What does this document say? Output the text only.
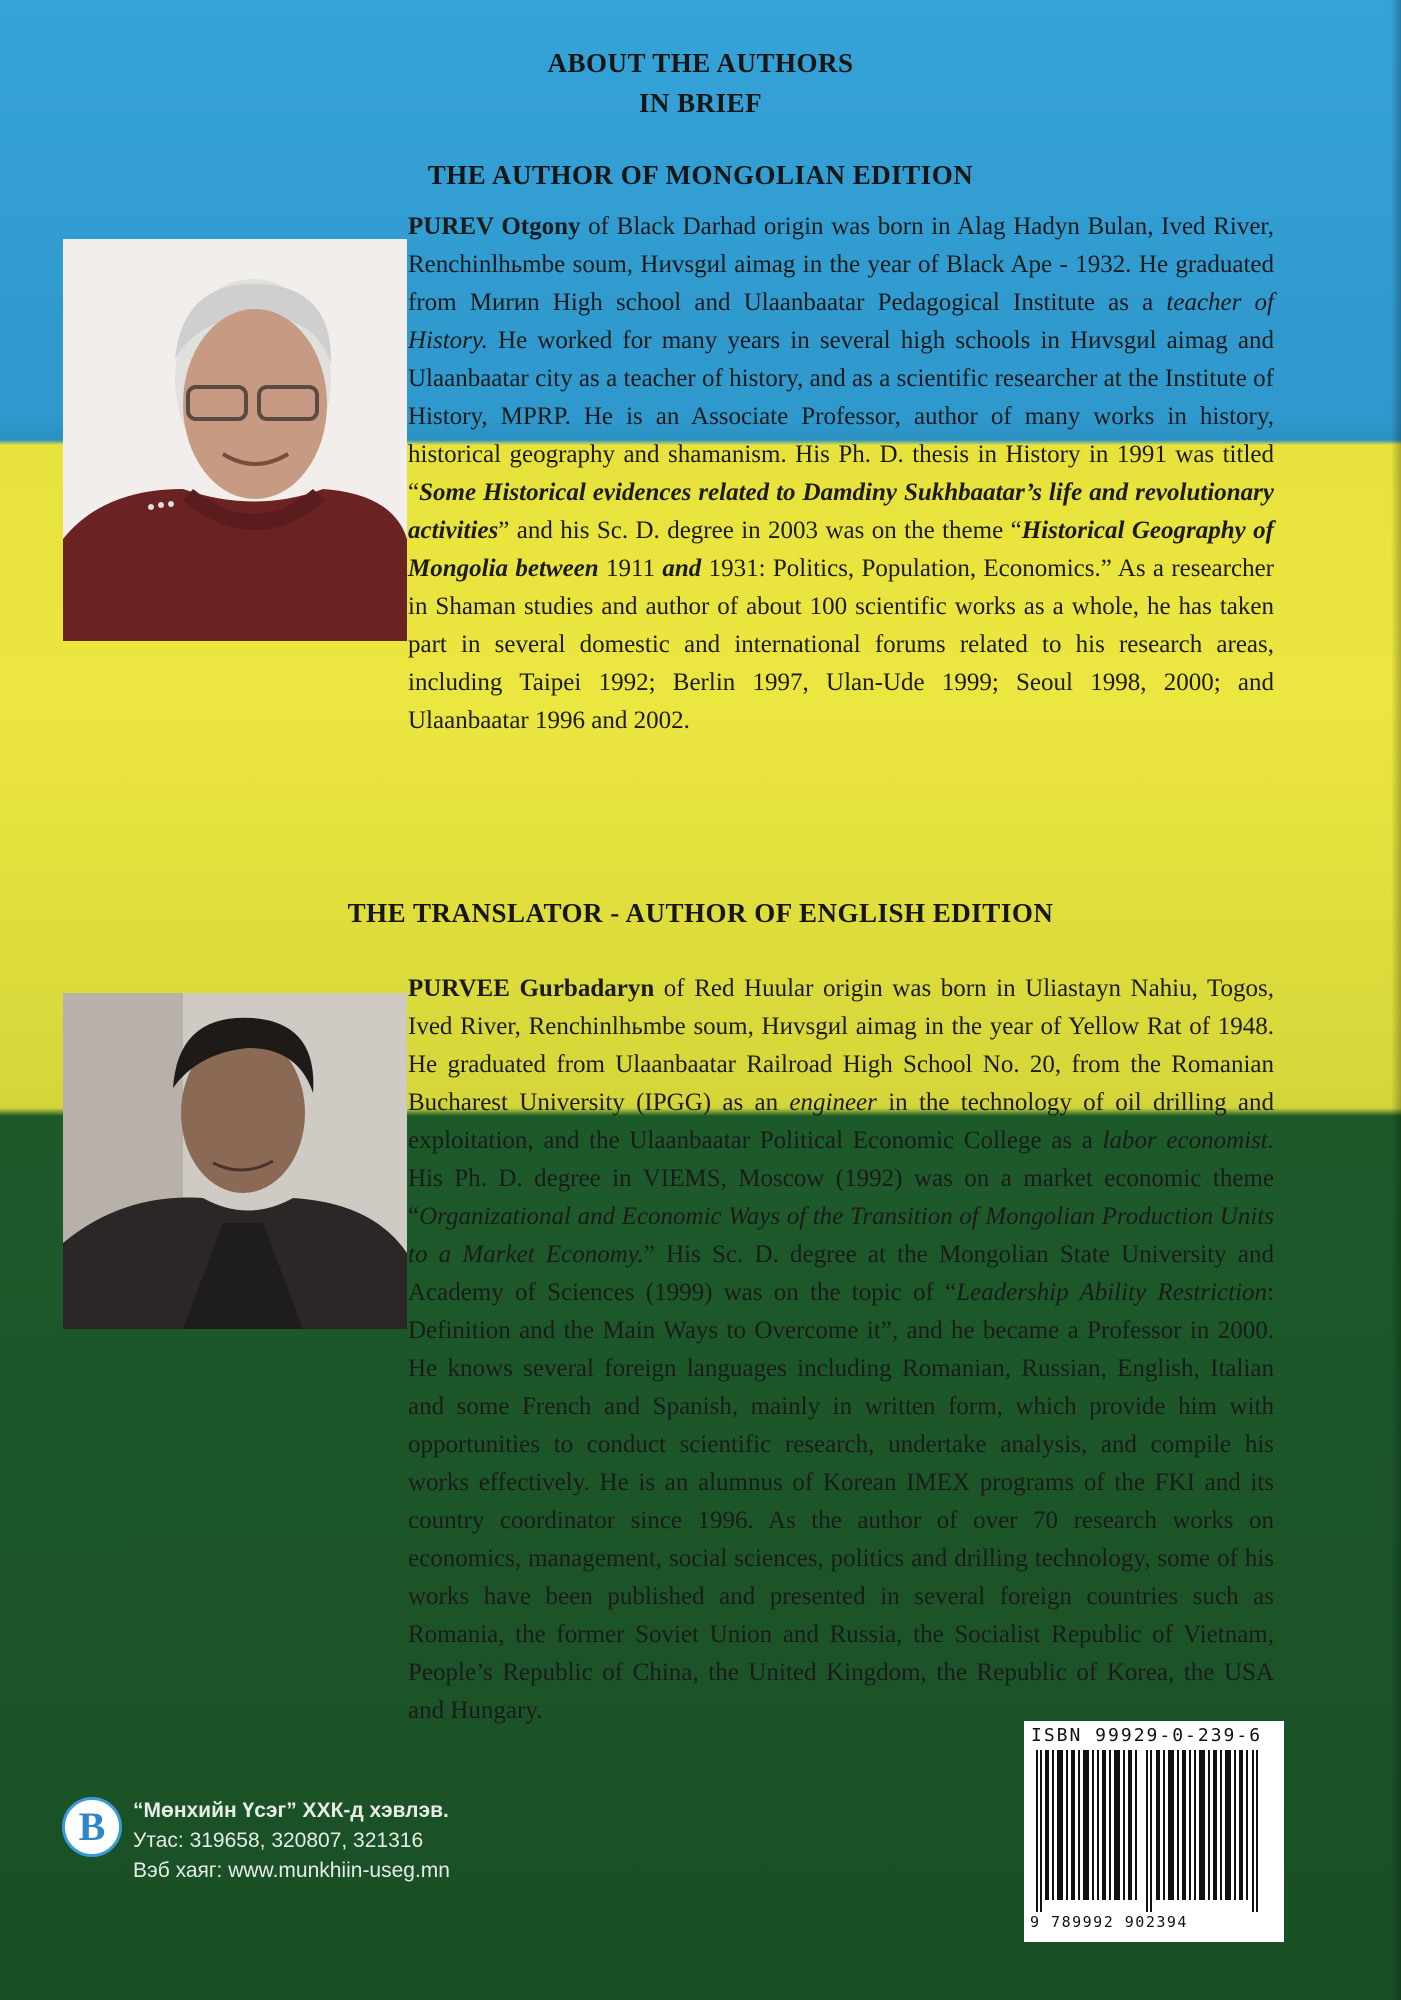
ABOUT THE AUTHORS
IN BRIEF
THE AUTHOR OF MONGOLIAN EDITION
PUREV Otgony of Black Darhad origin was born in Alag Hadyn Bulan, Ived River, Renchinlhьmbe soum, Hиvsgиl aimag in the year of Black Ape - 1932. He graduated from Mиrиn High school and Ulaanbaatar Pedagogical Institute as a teacher of History. He worked for many years in several high schools in Hиvsgиl aimag and Ulaanbaatar city as a teacher of history, and as a scientific researcher at the Institute of History, MPRP. He is an Associate Professor, author of many works in history, historical geography and shamanism. His Ph. D. thesis in History in 1991 was titled “Some Historical evidences related to Damdiny Sukhbaatar’s life and revolutionary activities” and his Sc. D. degree in 2003 was on the theme “Historical Geography of Mongolia between 1911 and 1931: Politics, Population, Economics.” As a researcher in Shaman studies and author of about 100 scientific works as a whole, he has taken part in several domestic and international forums related to his research areas, including Taipei 1992; Berlin 1997, Ulan-Ude 1999; Seoul 1998, 2000; and Ulaanbaatar 1996 and 2002.
THE TRANSLATOR - AUTHOR OF ENGLISH EDITION
PURVEE Gurbadaryn of Red Huular origin was born in Uliastayn Nahiu, Togos, Ived River, Renchinlhьmbe soum, Hиvsgиl aimag in the year of Yellow Rat of 1948. He graduated from Ulaanbaatar Railroad High School No. 20, from the Romanian Bucharest University (IPGG) as an engineer in the technology of oil drilling and exploitation, and the Ulaanbaatar Political Economic College as a labor economist. His Ph. D. degree in VIEMS, Moscow (1992) was on a market economic theme “Organizational and Economic Ways of the Transition of Mongolian Production Units to a Market Economy.” His Sc. D. degree at the Mongolian State University and Academy of Sciences (1999) was on the topic of “Leadership Ability Restriction: Definition and the Main Ways to Overcome it”, and he became a Professor in 2000. He knows several foreign languages including Romanian, Russian, English, Italian and some French and Spanish, mainly in written form, which provide him with opportunities to conduct scientific research, undertake analysis, and compile his works effectively. He is an alumnus of Korean IMEX programs of the FKI and its country coordinator since 1996. As the author of over 70 research works on economics, management, social sciences, politics and drilling technology, some of his works have been published and presented in several foreign countries such as Romania, the former Soviet Union and Russia, the Socialist Republic of Vietnam, People’s Republic of China, the United Kingdom, the Republic of Korea, the USA and Hungary.
ISBN 99929-0-239-6
9 789992 902394
B	“Мөнхийн Үсэг” ХХК-д хэвлэв.
Утас: 319658, 320807, 321316
Вэб хаяг: www.munkhiin-useg.mn
